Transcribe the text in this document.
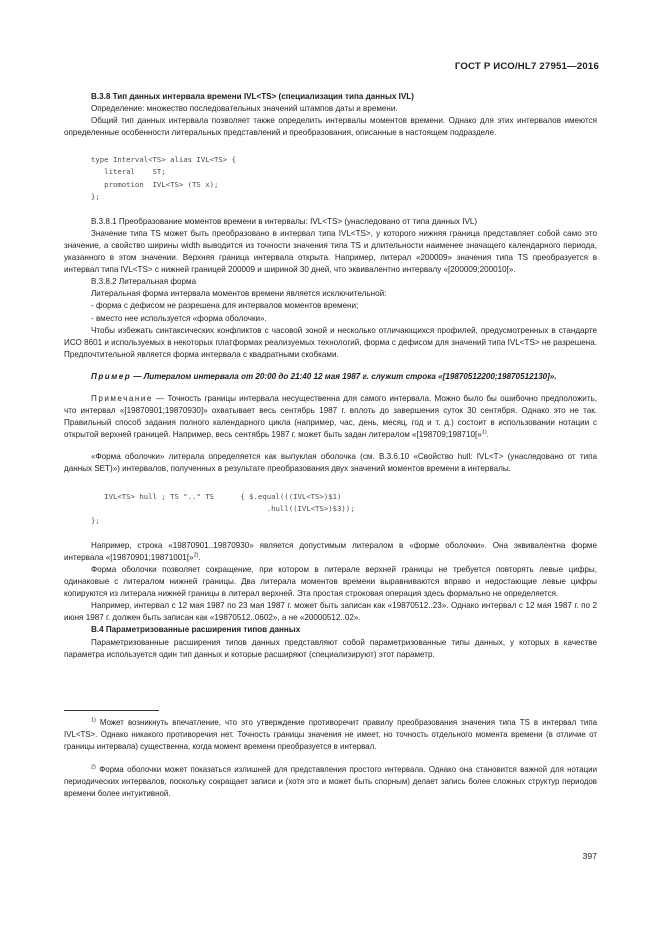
ГОСТ Р ИСО/HL7 27951—2016

В.3.8 Тип данных интервала времени IVL<TS> (специализация типа данных IVL)

Определение: множество последовательных значений штампов даты и времени.

Общий тип данных интервала позволяет также определить интервалы моментов времени. Однако для этих интервалов имеются определенные особенности литеральных представлений и преобразования, описанные в настоящем подразделе.

type Interval<TS> alias IVL<TS> {

literal    ST;

promotion  IVL<TS> (TS x);

};

В.3.8.1 Преобразование моментов времени в интервалы: IVL<TS> (унаследовано от типа данных IVL)

Значение типа TS может быть преобразовано в интервал типа IVL<TS>, у которого нижняя граница представляет собой само это значение, а свойство ширины width выводится из точности значения типа TS и длительности наименее значащего календарного периода, указанного в этом значении. Верхняя граница интервала открыта. Например, литерал «200009» значения типа TS преобразуется в интервал типа IVL<TS> с нижней границей 200009 и шириной 30 дней, что эквивалентно интервалу «[200009;200010[».

В.3.8.2 Литеральная форма

Литеральная форма интервала моментов времени является исключительной:

- форма с дефисом не разрешена для интервалов моментов времени;

- вместо нее используется «форма оболочки».

Чтобы избежать синтаксических конфликтов с часовой зоной и несколько отличающихся профилей, предусмотренных в стандарте ИСО 8601 и используемых в некоторых платформах реализуемых технологий, форма с дефисом для значений типа IVL<TS> не разрешена. Предпочтительной является форма интервала с квадратными скобками.

Пример — Литералом интервала от 20:00 до 21:40 12 мая 1987 г. служит строка «[19870512200;19870512130]».

Примечание — Точность границы интервала несущественна для самого интервала. Можно было бы ошибочно предположить, что интервал «[19870901;19870930]» охватывает весь сентябрь 1987 г. вплоть до завершения суток 30 сентября. Однако это не так. Правильный способ задания полного календарного цикла (например, час, день, месяц, год и т. д.) состоит в использовании нотации с открытой верхней границей. Например, весь сентябрь 1987 г. может быть задан литералом «[198709;198710[»$^{1)}$.

«Форма оболочки» литерала определяется как выпуклая оболочка (см. В.3.6.10 «Свойство hull: IVL<T> (унаследовано от типа данных SET)») интервалов, полученных в результате преобразования двух значений моментов времени в интервалы.

IVL<TS> hull ; TS ".." TS      { $.equal(((IVL<TS>)$1)

.hull((IVL<TS>)$3));

};

Например, строка «19870901..19870930» является допустимым литералом в «форме оболочки». Она эквивалентна форме интервала «[19870901;19871001[»$^{2)}$.

Форма оболочки позволяет сокращение, при котором в литерале верхней границы не требуется повторять левые цифры, одинаковые с литералом нижней границы. Два литерала моментов времени выравниваются вправо и недостающие левые цифры копируются из литерала нижней границы в литерал верхней. Эта простая строковая операция здесь формально не определяется.

Например, интервал с 12 мая 1987 по 23 мая 1987 г. может быть записан как «19870512..23». Однако интервал с 12 мая 1987 г. по 2 июня 1987 г. должен быть записан как «19870512..0602», а не «20000512..02».

В.4 Параметризованные расширения типов данных

Параметризованные расширения типов данных представляют собой параметризованные типы данных, у которых в качестве параметра используется один тип данных и которые расширяют (специализируют) этот параметр.

$^{1)}$ Может возникнуть впечатление, что это утверждение противоречит правилу преобразования значения типа TS в интервал типа IVL<TS>. Однако никакого противоречия нет. Точность границы значения не имеет, но точность отдельного момента времени (в отличие от границы интервала) существенна, когда момент времени преобразуется в интервал.

$^{2)}$ Форма оболочки может показаться излишней для представления простого интервала. Однако она становится важной для нотации периодических интервалов, поскольку сокращает записи и (хотя это и может быть спорным) делает запись более сложных структур периодов времени более интуитивной.

397
